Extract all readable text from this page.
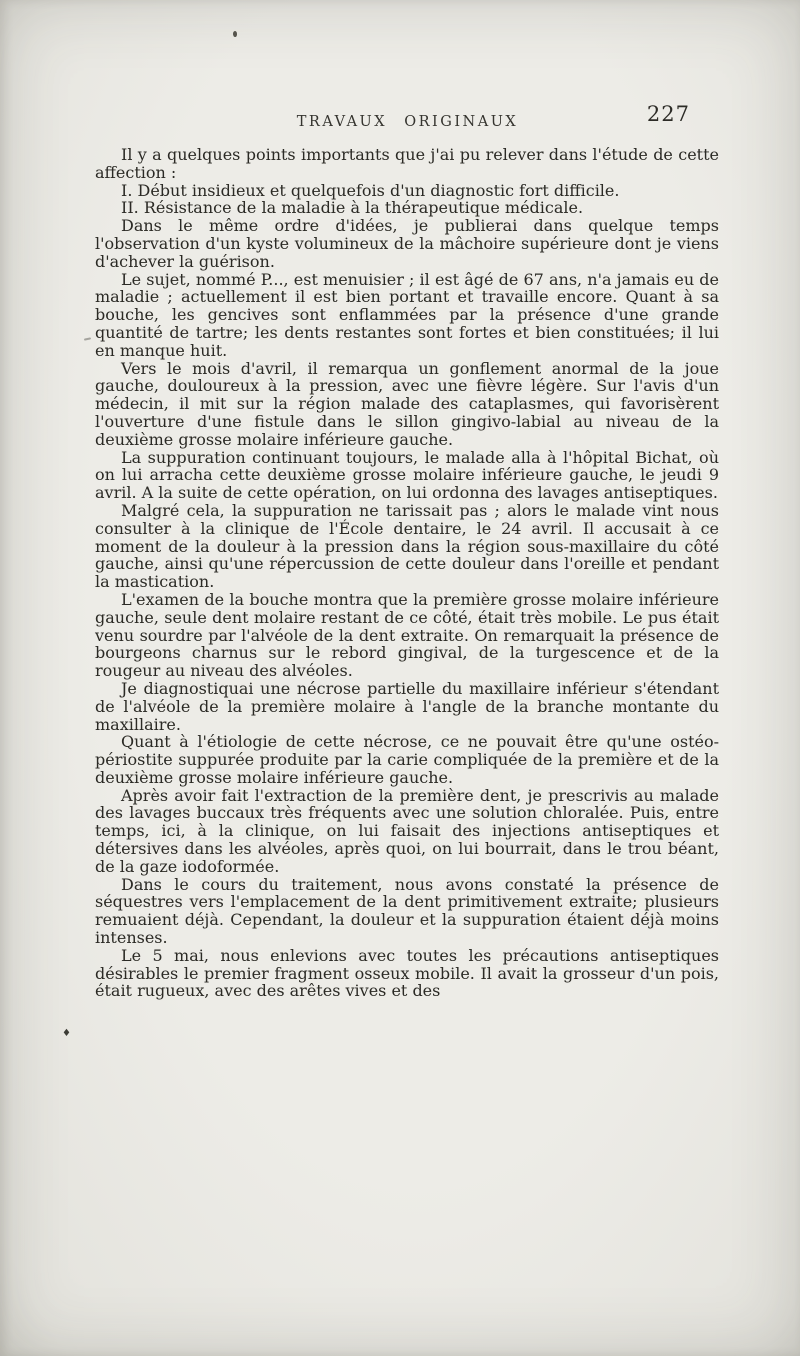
TRAVAUX ORIGINAUX	227

Il y a quelques points importants que j'ai pu relever dans l'étude de cette affection :

I. Début insidieux et quelquefois d'un diagnostic fort difficile.

II. Résistance de la maladie à la thérapeutique médicale.

Dans le même ordre d'idées, je publierai dans quelque temps l'observation d'un kyste volumineux de la mâchoire supérieure dont je viens d'achever la guérison.

Le sujet, nommé P..., est menuisier ; il est âgé de 67 ans, n'a jamais eu de maladie ; actuellement il est bien portant et travaille encore. Quant à sa bouche, les gencives sont enflammées par la présence d'une grande quantité de tartre; les dents restantes sont fortes et bien constituées; il lui en manque huit.

Vers le mois d'avril, il remarqua un gonflement anormal de la joue gauche, douloureux à la pression, avec une fièvre légère. Sur l'avis d'un médecin, il mit sur la région malade des cataplasmes, qui favorisèrent l'ouverture d'une fistule dans le sillon gingivo-labial au niveau de la deuxième grosse molaire inférieure gauche.

La suppuration continuant toujours, le malade alla à l'hôpital Bichat, où on lui arracha cette deuxième grosse molaire inférieure gauche, le jeudi 9 avril. A la suite de cette opération, on lui ordonna des lavages antiseptiques.

Malgré cela, la suppuration ne tarissait pas ; alors le malade vint nous consulter à la clinique de l'École dentaire, le 24 avril. Il accusait à ce moment de la douleur à la pression dans la région sous-maxillaire du côté gauche, ainsi qu'une répercussion de cette douleur dans l'oreille et pendant la mastication.

L'examen de la bouche montra que la première grosse molaire inférieure gauche, seule dent molaire restant de ce côté, était très mobile. Le pus était venu sourdre par l'alvéole de la dent extraite. On remarquait la présence de bourgeons charnus sur le rebord gingival, de la turgescence et de la rougeur au niveau des alvéoles.

Je diagnostiquai une nécrose partielle du maxillaire inférieur s'étendant de l'alvéole de la première molaire à l'angle de la branche montante du maxillaire.

Quant à l'étiologie de cette nécrose, ce ne pouvait être qu'une ostéo-périostite suppurée produite par la carie compliquée de la première et de la deuxième grosse molaire inférieure gauche.

Après avoir fait l'extraction de la première dent, je prescrivis au malade des lavages buccaux très fréquents avec une solution chloralée. Puis, entre temps, ici, à la clinique, on lui faisait des injections antiseptiques et détersives dans les alvéoles, après quoi, on lui bourrait, dans le trou béant, de la gaze iodoformée.

Dans le cours du traitement, nous avons constaté la présence de séquestres vers l'emplacement de la dent primitivement extraite; plusieurs remuaient déjà. Cependant, la douleur et la suppuration étaient déjà moins intenses.

Le 5 mai, nous enlevions avec toutes les précautions antiseptiques désirables le premier fragment osseux mobile. Il avait la grosseur d'un pois, était rugueux, avec des arêtes vives et des

♦
